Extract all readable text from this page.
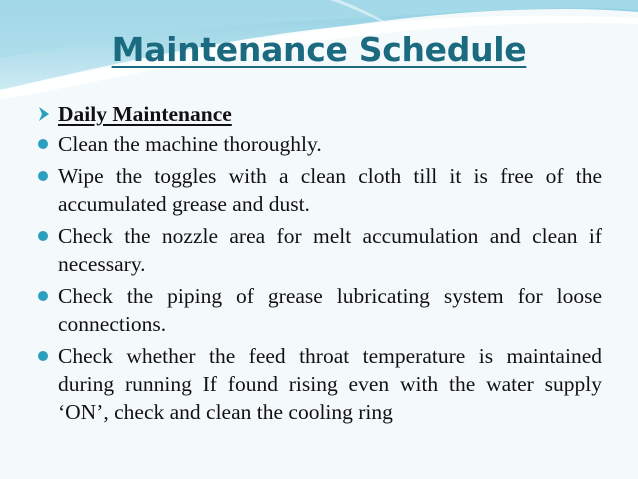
Maintenance Schedule
Daily Maintenance
Clean the machine thoroughly.
Wipe the toggles with a clean cloth till it is free of the accumulated grease and dust.
Check the nozzle area for melt accumulation and clean if necessary.
Check the piping of grease lubricating system for loose connections.
Check whether the feed throat temperature is maintained during running If found rising even with the water supply ‘ON’, check and clean the cooling ring
